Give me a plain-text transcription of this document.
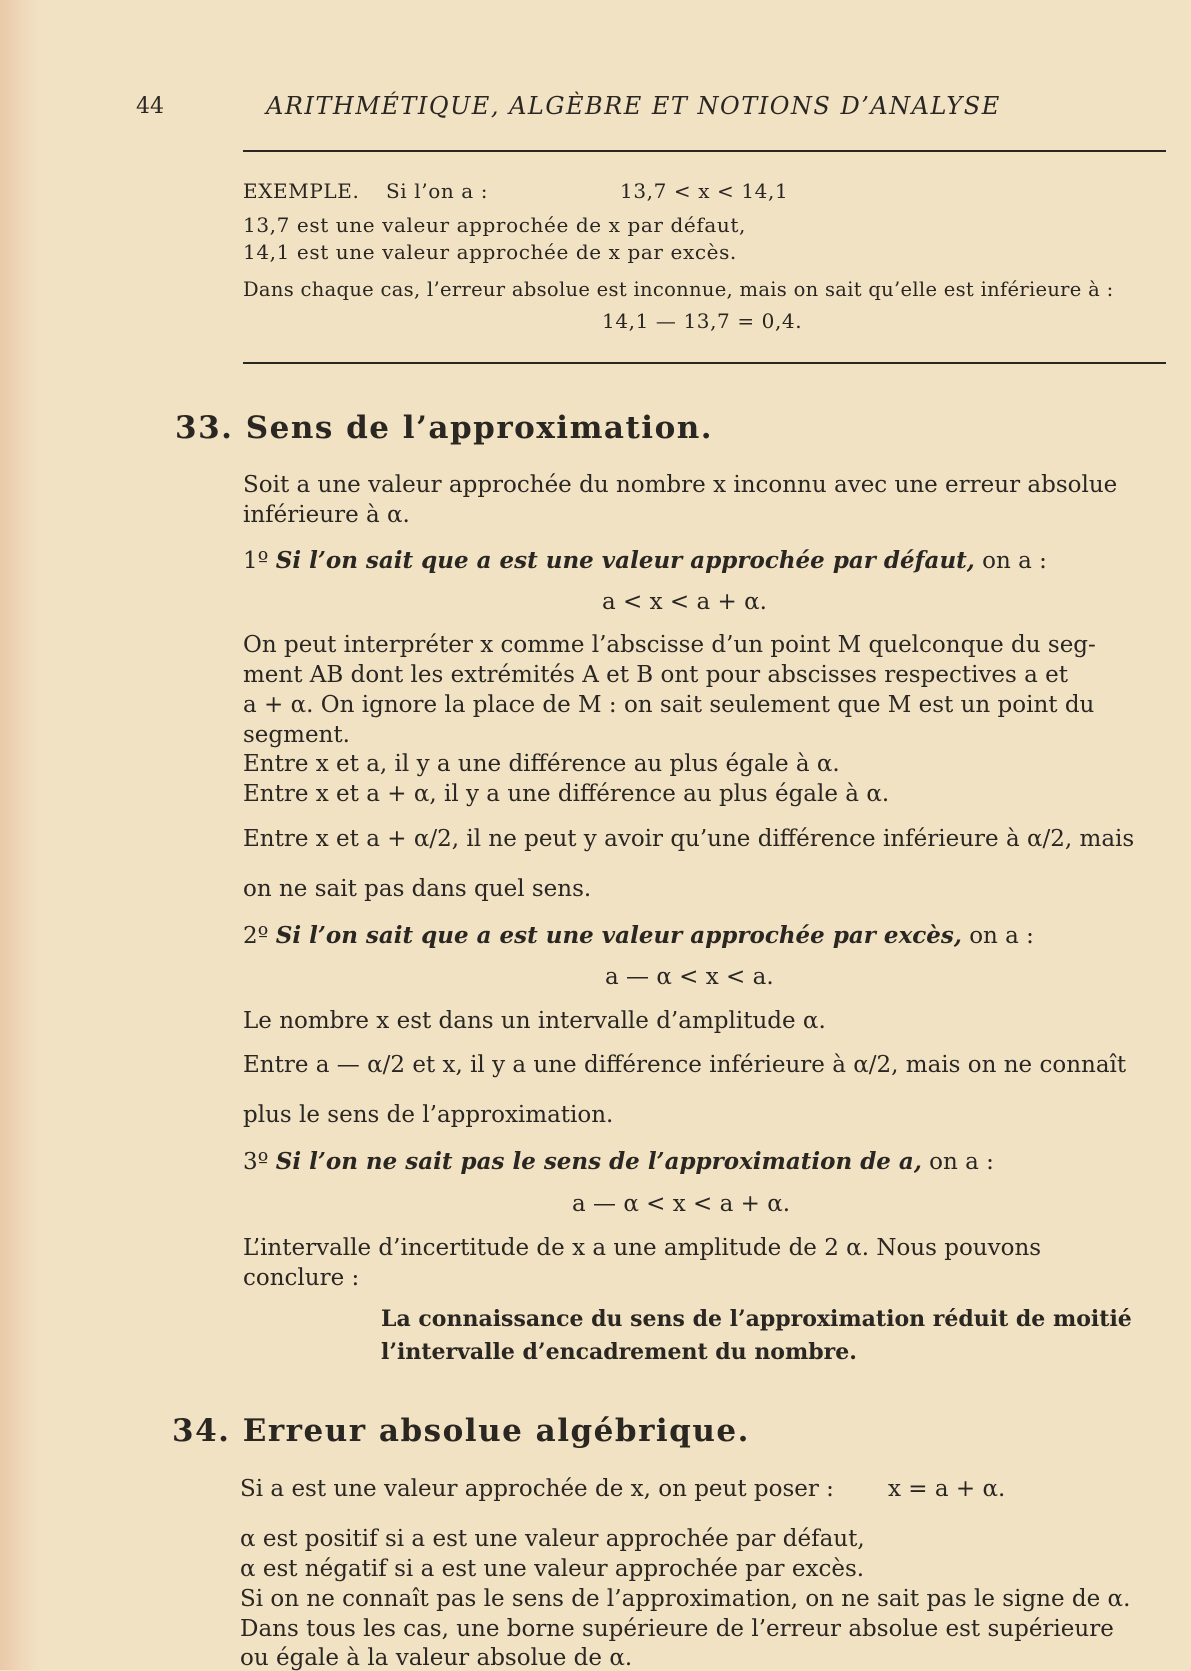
44	ARITHMÉTIQUE, ALGÈBRE ET NOTIONS D’ANALYSE
EXEMPLE. Si l’on a :	13,7 < x < 14,1
13,7 est une valeur approchée de x par défaut,
14,1 est une valeur approchée de x par excès.
Dans chaque cas, l’erreur absolue est inconnue, mais on sait qu’elle est inférieure à :
14,1 — 13,7 = 0,4.
33. Sens de l’approximation.
Soit a une valeur approchée du nombre x inconnu avec une erreur absolue
inférieure à α.
1º Si l’on sait que a est une valeur approchée par défaut, on a :
a < x < a + α.
On peut interpréter x comme l’abscisse d’un point M quelconque du seg-
ment AB dont les extrémités A et B ont pour abscisses respectives a et
a + α. On ignore la place de M : on sait seulement que M est un point du
segment.
Entre x et a, il y a une différence au plus égale à α.
Entre x et a + α, il y a une différence au plus égale à α.
Entre x et a + α/2, il ne peut y avoir qu’une différence inférieure à α/2, mais
on ne sait pas dans quel sens.
2º Si l’on sait que a est une valeur approchée par excès, on a :
a — α < x < a.
Le nombre x est dans un intervalle d’amplitude α.
Entre a — α/2 et x, il y a une différence inférieure à α/2, mais on ne connaît
plus le sens de l’approximation.
3º Si l’on ne sait pas le sens de l’approximation de a, on a :
a — α < x < a + α.
L’intervalle d’incertitude de x a une amplitude de 2 α. Nous pouvons
conclure :
La connaissance du sens de l’approximation réduit de moitié
l’intervalle d’encadrement du nombre.
34. Erreur absolue algébrique.
Si a est une valeur approchée de x, on peut poser : x = a + α.
α est positif si a est une valeur approchée par défaut,
α est négatif si a est une valeur approchée par excès.
Si on ne connaît pas le sens de l’approximation, on ne sait pas le signe de α.
Dans tous les cas, une borne supérieure de l’erreur absolue est supérieure
ou égale à la valeur absolue de α.
